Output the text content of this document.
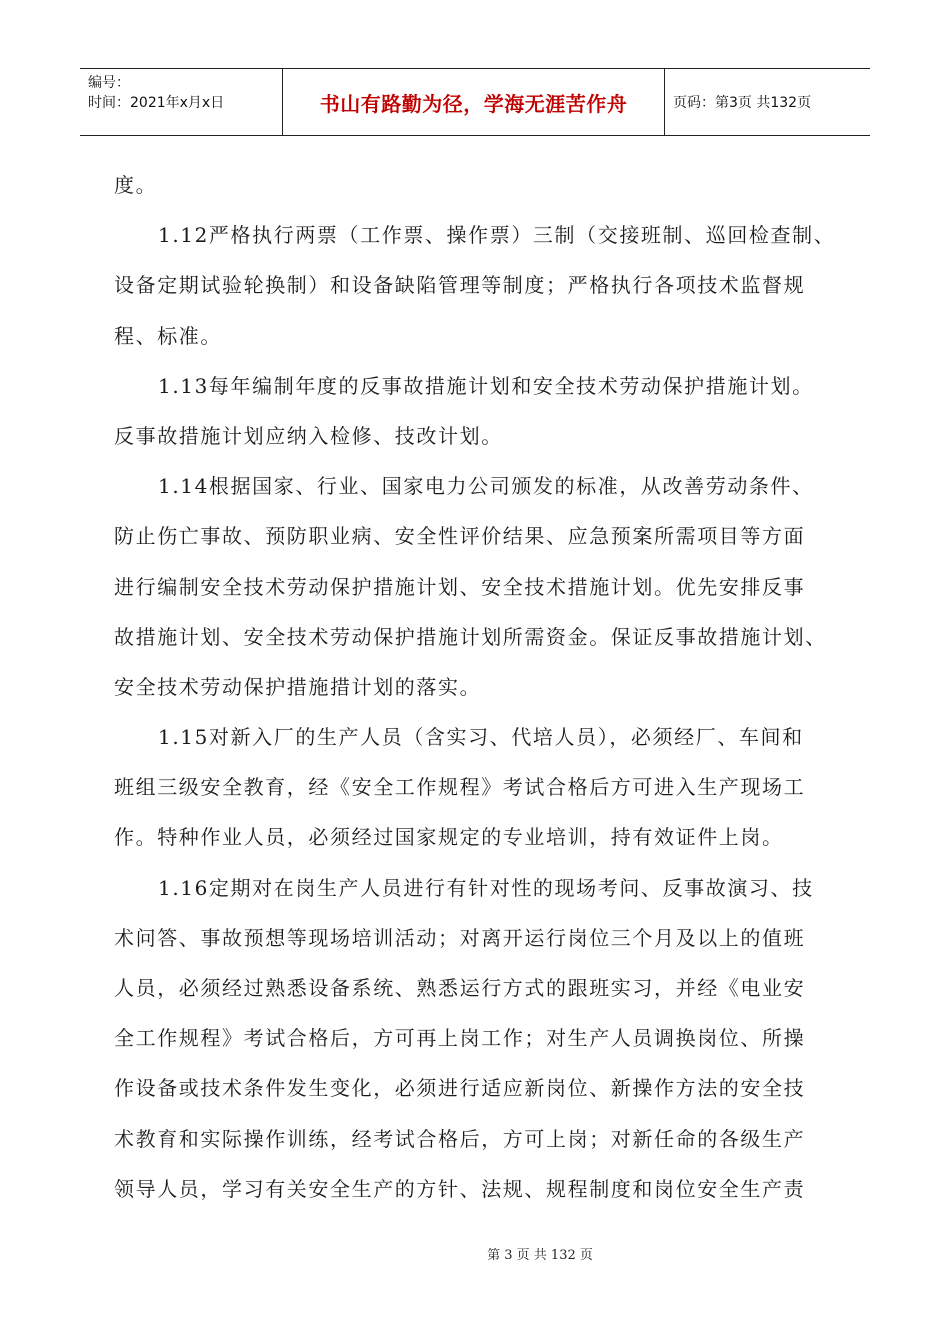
编号：
时间：2021年x月x日	书山有路勤为径，学海无涯苦作舟	页码：第3页 共132页
度。
1.12严格执行两票（工作票、操作票）三制（交接班制、巡回检查制、
设备定期试验轮换制）和设备缺陷管理等制度；严格执行各项技术监督规
程、标准。
1.13每年编制年度的反事故措施计划和安全技术劳动保护措施计划。
反事故措施计划应纳入检修、技改计划。
1.14根据国家、行业、国家电力公司颁发的标准，从改善劳动条件、
防止伤亡事故、预防职业病、安全性评价结果、应急预案所需项目等方面
进行编制安全技术劳动保护措施计划、安全技术措施计划。优先安排反事
故措施计划、安全技术劳动保护措施计划所需资金。保证反事故措施计划、
安全技术劳动保护措施措计划的落实。
1.15对新入厂的生产人员（含实习、代培人员），必须经厂、车间和
班组三级安全教育，经《安全工作规程》考试合格后方可进入生产现场工
作。特种作业人员，必须经过国家规定的专业培训，持有效证件上岗。
1.16定期对在岗生产人员进行有针对性的现场考问、反事故演习、技
术问答、事故预想等现场培训活动；对离开运行岗位三个月及以上的值班
人员，必须经过熟悉设备系统、熟悉运行方式的跟班实习，并经《电业安
全工作规程》考试合格后，方可再上岗工作；对生产人员调换岗位、所操
作设备或技术条件发生变化，必须进行适应新岗位、新操作方法的安全技
术教育和实际操作训练，经考试合格后，方可上岗；对新任命的各级生产
领导人员，学习有关安全生产的方针、法规、规程制度和岗位安全生产责
第 3 页 共 132 页
